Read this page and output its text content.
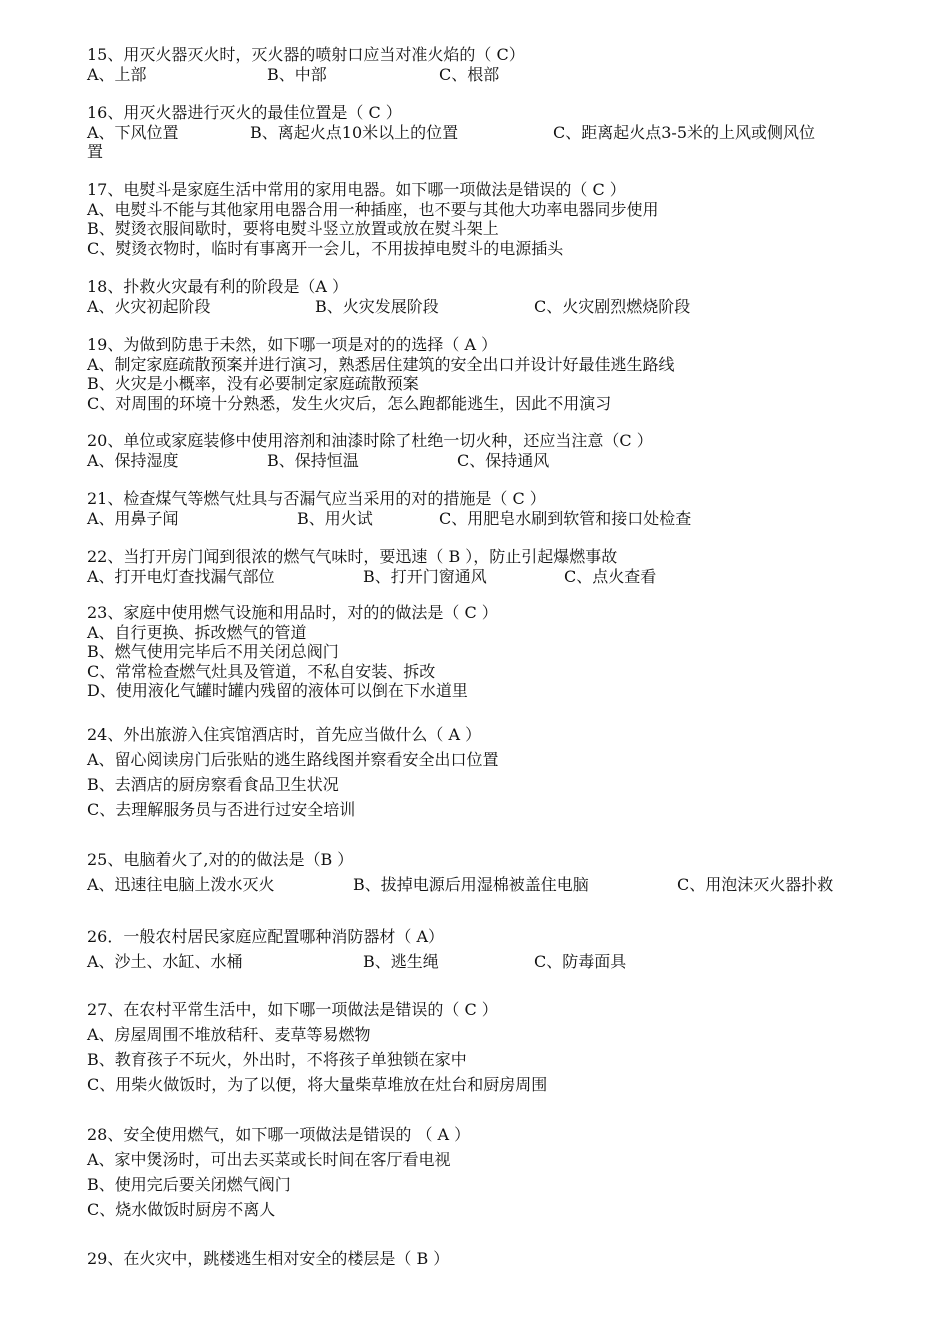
15、用灭火器灭火时，灭火器的喷射口应当对准火焰的（ C）
A、上部	B、中部	C、根部
16、用灭火器进行灭火的最佳位置是（ C ）
A、下风位置	B、离起火点10米以上的位置	C、距离起火点3-5米的上风或侧风位
置
17、电熨斗是家庭生活中常用的家用电器。如下哪一项做法是错误的（ C ）
A、电熨斗不能与其他家用电器合用一种插座，也不要与其他大功率电器同步使用
B、熨烫衣服间歇时，要将电熨斗竖立放置或放在熨斗架上
C、熨烫衣物时，临时有事离开一会儿，不用拔掉电熨斗的电源插头
18、扑救火灾最有利的阶段是（A ）
A、火灾初起阶段	B、火灾发展阶段	C、火灾剧烈燃烧阶段
19、为做到防患于未然，如下哪一项是对的的选择（ A ）
A、制定家庭疏散预案并进行演习，熟悉居住建筑的安全出口并设计好最佳逃生路线
B、火灾是小概率，没有必要制定家庭疏散预案
C、对周围的环境十分熟悉，发生火灾后，怎么跑都能逃生，因此不用演习
20、单位或家庭装修中使用溶剂和油漆时除了杜绝一切火种，还应当注意（C ）
A、保持湿度	B、保持恒温	C、保持通风
21、检查煤气等燃气灶具与否漏气应当采用的对的措施是（ C ）
A、用鼻子闻	B、用火试	C、用肥皂水刷到软管和接口处检查
22、当打开房门闻到很浓的燃气气味时，要迅速（ B ），防止引起爆燃事故
A、打开电灯查找漏气部位	B、打开门窗通风	C、点火查看
23、家庭中使用燃气设施和用品时，对的的做法是（ C ）
A、自行更换、拆改燃气的管道
B、燃气使用完毕后不用关闭总阀门
C、常常检查燃气灶具及管道，不私自安装、拆改
D、使用液化气罐时罐内残留的液体可以倒在下水道里
24、外出旅游入住宾馆酒店时，首先应当做什么（ A ）
A、留心阅读房门后张贴的逃生路线图并察看安全出口位置
B、去酒店的厨房察看食品卫生状况
C、去理解服务员与否进行过安全培训
25、电脑着火了,对的的做法是（B ）
A、迅速往电脑上泼水灭火	B、拔掉电源后用湿棉被盖住电脑	C、用泡沫灭火器扑救
26．一般农村居民家庭应配置哪种消防器材（ A）
A、沙土、水缸、水桶	B、逃生绳	C、防毒面具
27、在农村平常生活中，如下哪一项做法是错误的（ C ）
A、房屋周围不堆放秸秆、麦草等易燃物
B、教育孩子不玩火，外出时，不将孩子单独锁在家中
C、用柴火做饭时，为了以便，将大量柴草堆放在灶台和厨房周围
28、安全使用燃气，如下哪一项做法是错误的 （ A ）
A、家中煲汤时，可出去买菜或长时间在客厅看电视
B、使用完后要关闭燃气阀门
C、烧水做饭时厨房不离人
29、在火灾中，跳楼逃生相对安全的楼层是（ B ）
